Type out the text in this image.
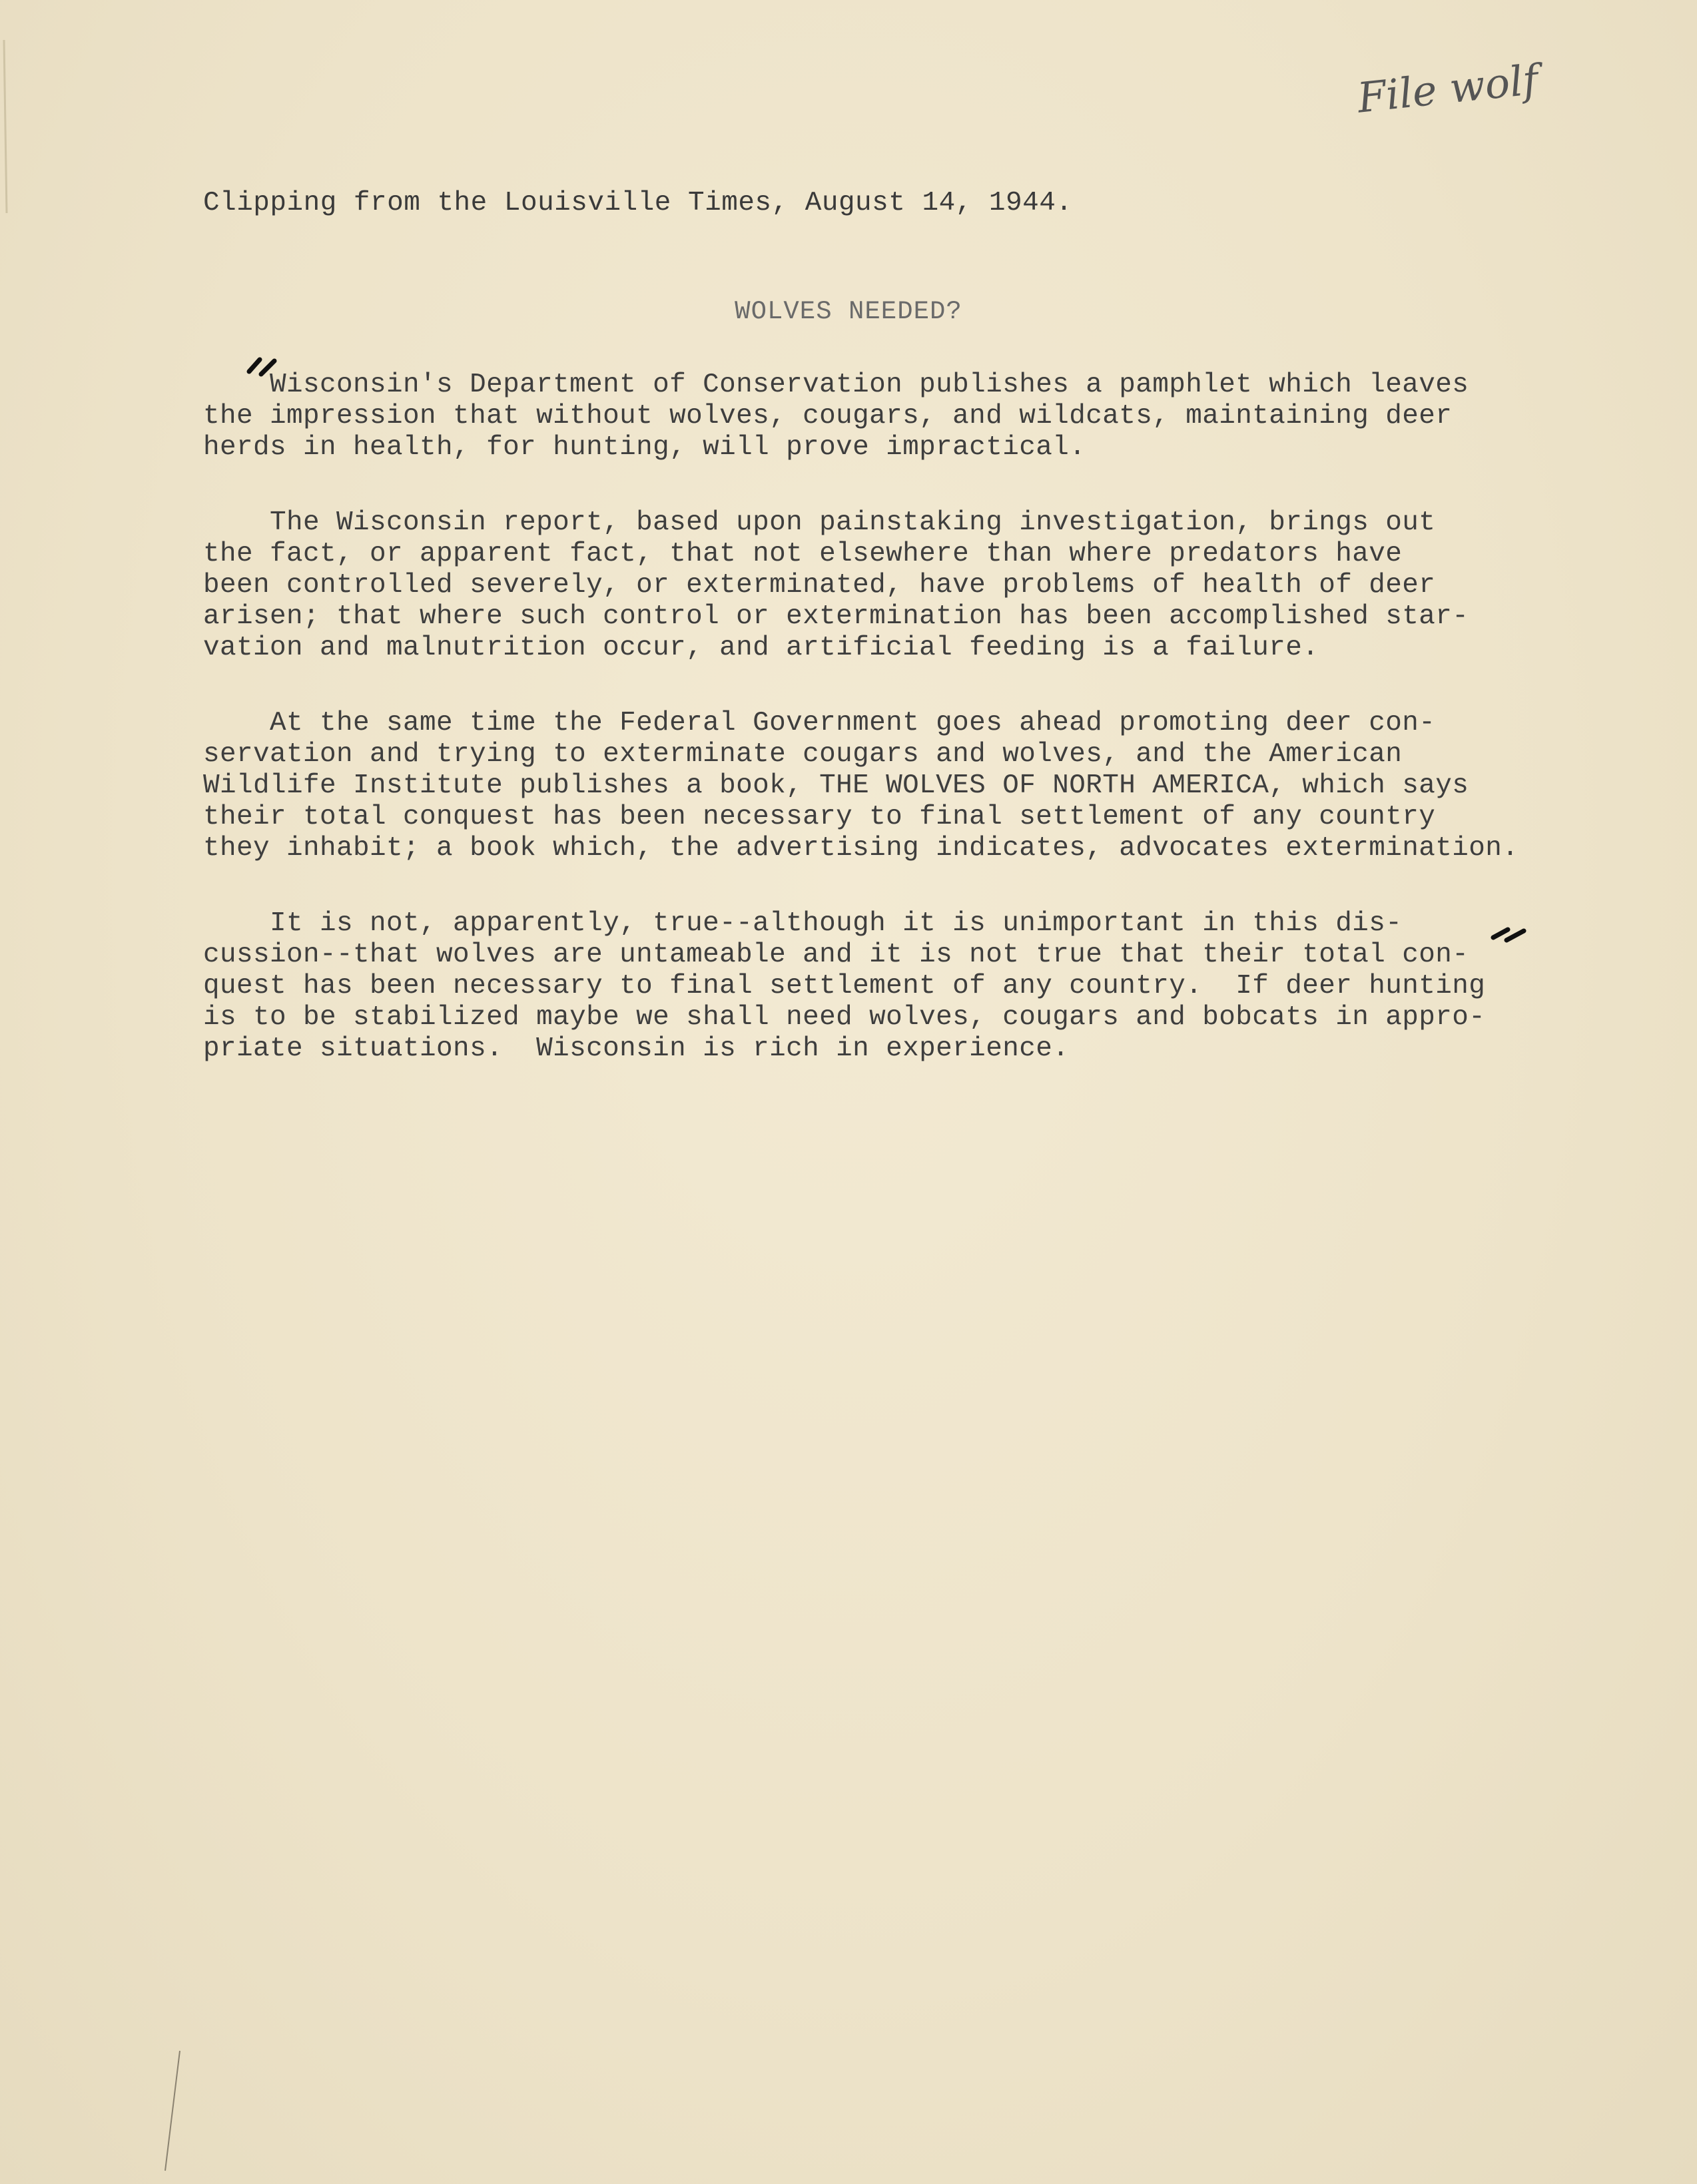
File wolf
Clipping from the Louisville Times, August 14, 1944.
WOLVES NEEDED?
Wisconsin's Department of Conservation publishes a pamphlet which leaves
the impression that without wolves, cougars, and wildcats, maintaining deer
herds in health, for hunting, will prove impractical.
The Wisconsin report, based upon painstaking investigation, brings out
the fact, or apparent fact, that not elsewhere than where predators have
been controlled severely, or exterminated, have problems of health of deer
arisen; that where such control or extermination has been accomplished star-
vation and malnutrition occur, and artificial feeding is a failure.
At the same time the Federal Government goes ahead promoting deer con-
servation and trying to exterminate cougars and wolves, and the American
Wildlife Institute publishes a book, THE WOLVES OF NORTH AMERICA, which says
their total conquest has been necessary to final settlement of any country
they inhabit; a book which, the advertising indicates, advocates extermination.
It is not, apparently, true--although it is unimportant in this dis-
cussion--that wolves are untameable and it is not true that their total con-
quest has been necessary to final settlement of any country.  If deer hunting
is to be stabilized maybe we shall need wolves, cougars and bobcats in appro-
priate situations.  Wisconsin is rich in experience.
